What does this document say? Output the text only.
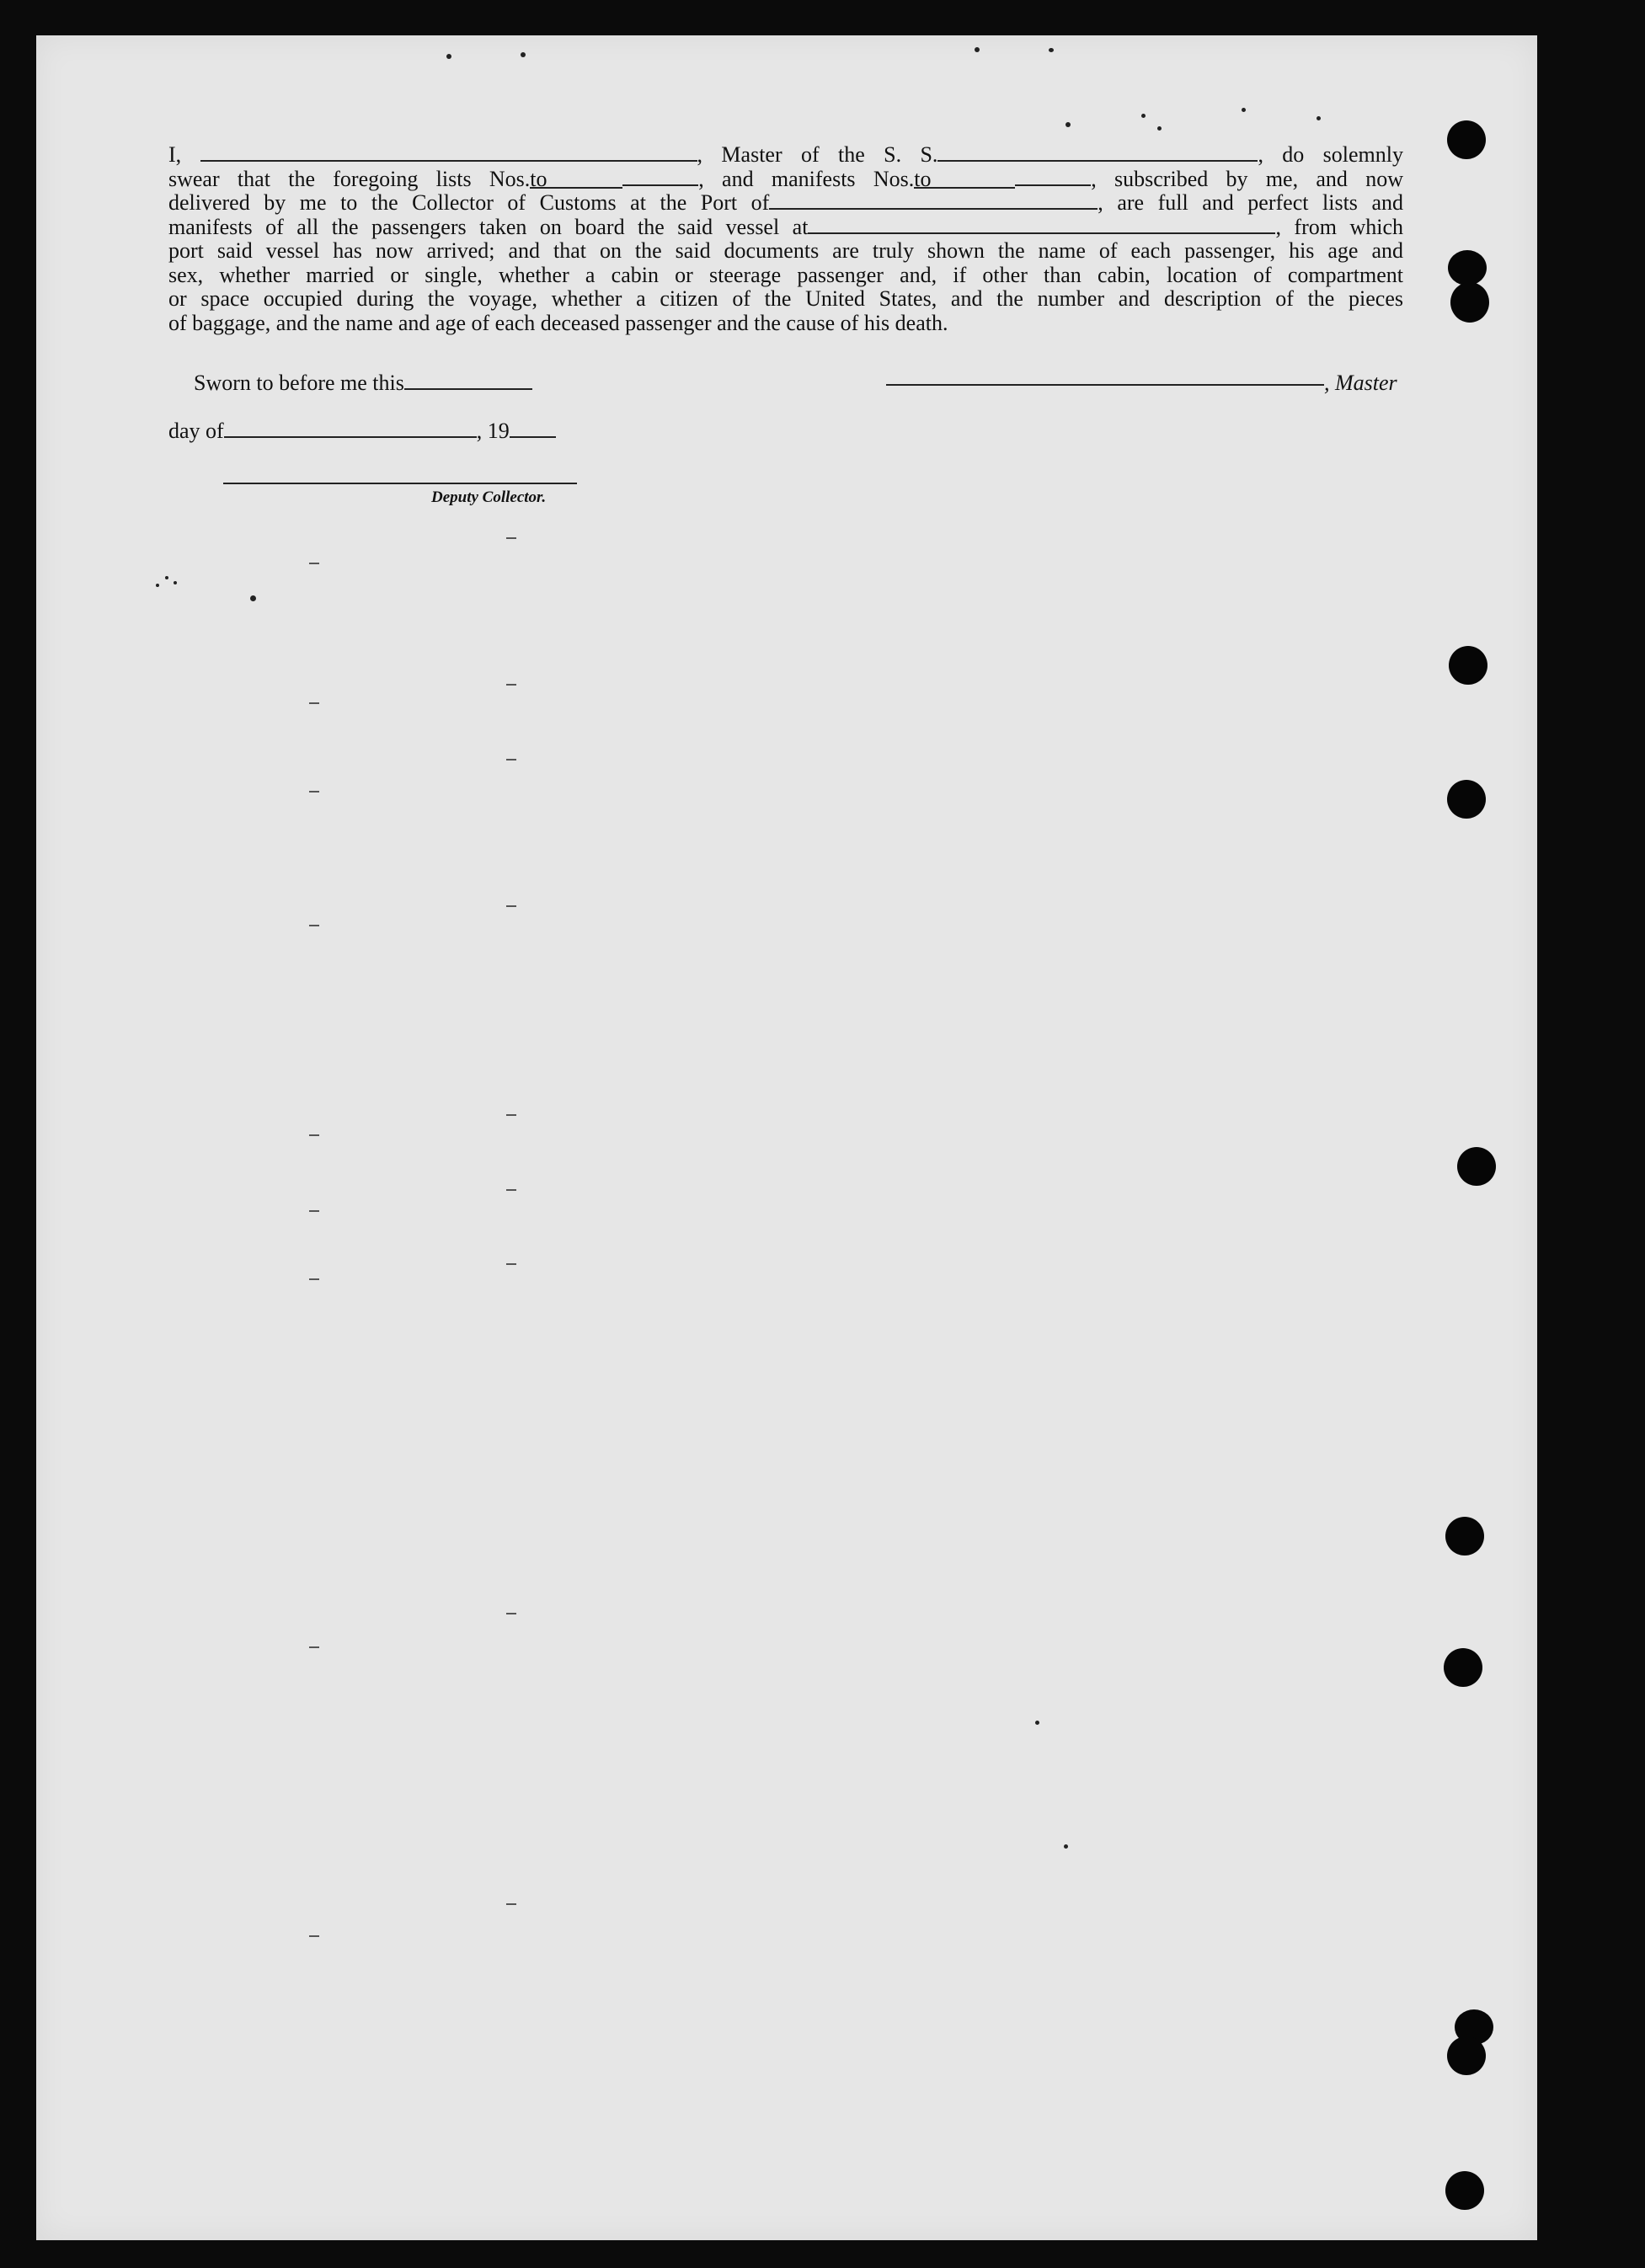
I,	, Master of the S. S.	, do solemnly
swear that the foregoing lists Nos.to	, and manifests Nos.to	, subscribed by me, and now
delivered by me to the Collector of Customs at the Port of	, are full and perfect lists and
manifests of all the passengers taken on board the said vessel at	, from which
port said vessel has now arrived; and that on the said documents are truly shown the name of each passenger, his age and
sex, whether married or single, whether a cabin or steerage passenger and, if other than cabin, location of compartment
or space occupied during the voyage, whether a citizen of the United States, and the number and description of the pieces
of baggage, and the name and age of each deceased passenger and the cause of his death.
Sworn to before me this	, Master
day of	, 19
Deputy Collector.
